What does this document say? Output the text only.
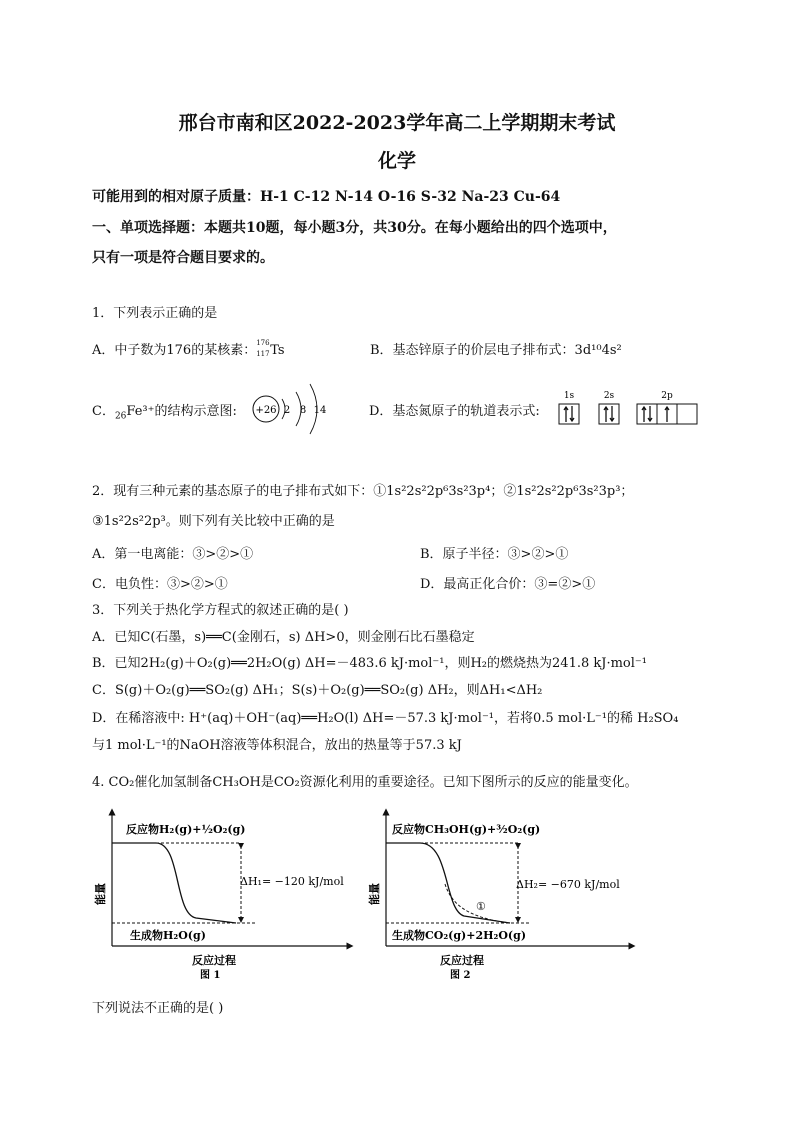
邢台市南和区2022-2023学年高二上学期期末考试
化学
可能用到的相对原子质量：H-1 C-12 N-14 O-16 S-32 Na-23 Cu-64
一、单项选择题：本题共10题，每小题3分，共30分。在每小题给出的四个选项中，
只有一项是符合题目要求的。
1．下列表示正确的是
A．中子数为176的某核素： 176
117 Ts	B．基态锌原子的价层电子排布式：3d¹⁰4s²
C．$_{26}$Fe³⁺的结构示意图: +26 2 8 14	D．基态氮原子的轨道表示式:
1s	2s	2p
2．现有三种元素的基态原子的电子排布式如下：①1s²2s²2p⁶3s²3p⁴；②1s²2s²2p⁶3s²3p³；
③1s²2s²2p³。则下列有关比较中正确的是
A．第一电离能：③>②>①	B．原子半径：③>②>①
C．电负性：③>②>①	D．最高正化合价：③=②>①
3．下列关于热化学方程式的叙述正确的是( )
A．已知C(石墨，s)══C(金刚石，s) ΔH>0，则金刚石比石墨稳定
B．已知2H₂(g)＋O₂(g)══2H₂O(g) ΔH=－483.6 kJ·mol⁻¹，则H₂的燃烧热为241.8 kJ·mol⁻¹
C．S(g)＋O₂(g)══SO₂(g) ΔH₁；S(s)＋O₂(g)══SO₂(g) ΔH₂，则ΔH₁<ΔH₂
D．在稀溶液中: H⁺(aq)＋OH⁻(aq)══H₂O(l) ΔH=－57.3 kJ·mol⁻¹，若将0.5 mol·L⁻¹的稀 H₂SO₄
与1 mol·L⁻¹的NaOH溶液等体积混合，放出的热量等于57.3 kJ
4. CO₂催化加氢制备CH₃OH是CO₂资源化利用的重要途径。已知下图所示的反应的能量变化。
反应物H₂(g)+½O₂(g)
ΔH₁= −120 kJ/mol
生成物H₂O(g)
能量
反应过程
图 1
反应物CH₃OH(g)+³⁄₂O₂(g)
ΔH₂= −670 kJ/mol
①
生成物CO₂(g)+2H₂O(g)
能量
反应过程
图 2
下列说法不正确的是( )
